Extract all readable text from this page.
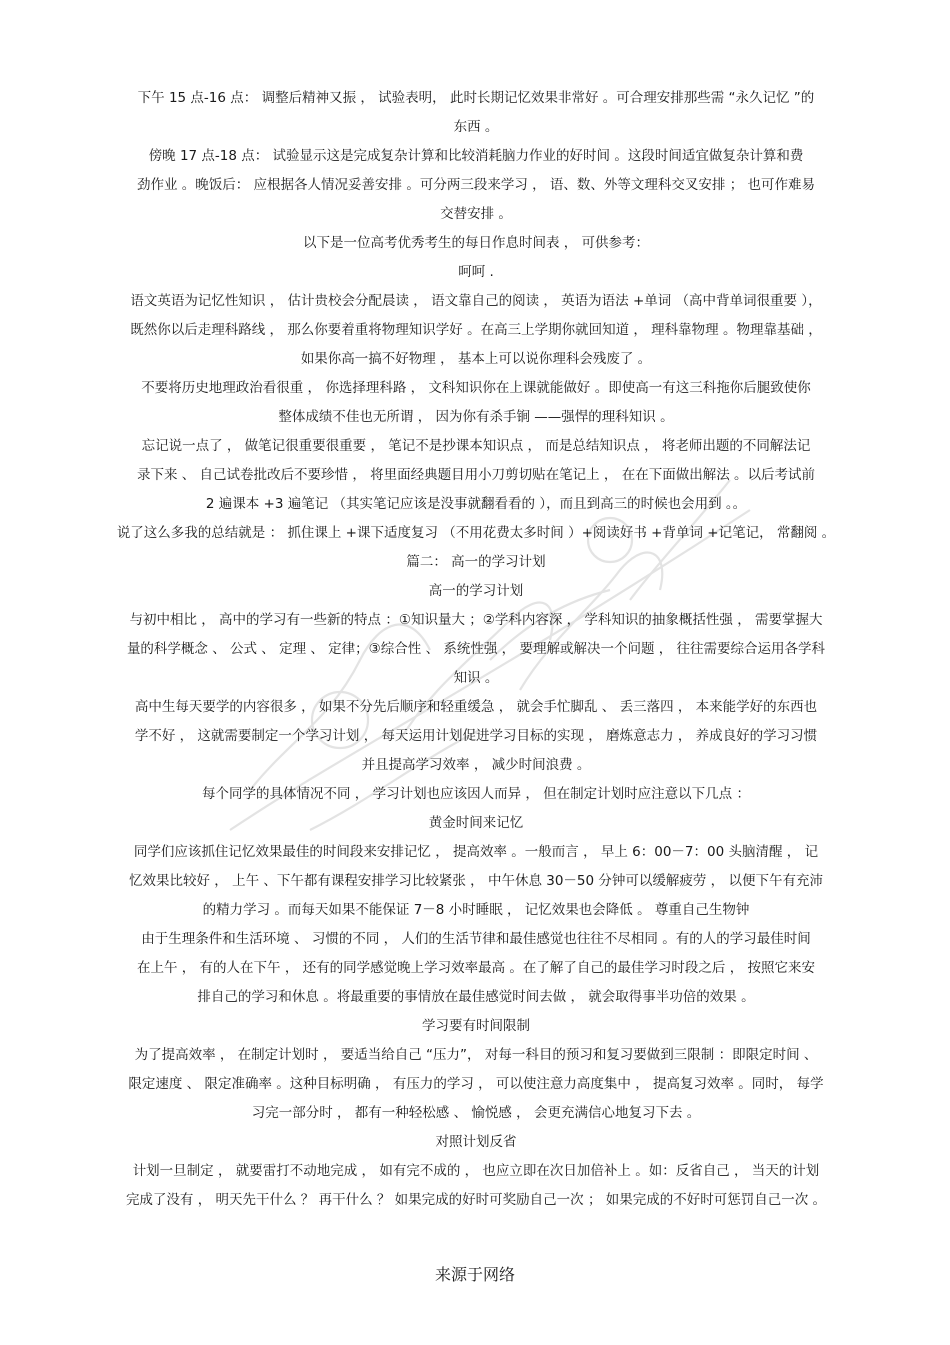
下午 15 点-16 点： 调整后精神又振 ， 试验表明， 此时长期记忆效果非常好 。可合理安排那些需 “永久记忆 ”的
东西 。
傍晚 17 点-18 点： 试验显示这是完成复杂计算和比较消耗脑力作业的好时间 。这段时间适宜做复杂计算和费
劲作业 。晚饭后： 应根据各人情况妥善安排 。可分两三段来学习 ， 语、数、外等文理科交叉安排 ； 也可作难易
交替安排 。
以下是一位高考优秀考生的每日作息时间表 ， 可供参考：
呵呵 .
语文英语为记忆性知识 ， 估计贵校会分配晨读 ， 语文靠自己的阅读 ， 英语为语法 +单词 （高中背单词很重要 ），
既然你以后走理科路线 ， 那么你要着重将物理知识学好 。在高三上学期你就回知道 ， 理科靠物理 。物理靠基础 ，
如果你高一搞不好物理 ， 基本上可以说你理科会残废了 。
不要将历史地理政治看很重 ， 你选择理科路 ， 文科知识你在上课就能做好 。即使高一有这三科拖你后腿致使你
整体成绩不佳也无所谓 ， 因为你有杀手锏 ——强悍的理科知识 。
忘记说一点了 ， 做笔记很重要很重要 ， 笔记不是抄课本知识点 ， 而是总结知识点 ， 将老师出题的不同解法记
录下来 、 自己试卷批改后不要珍惜 ， 将里面经典题目用小刀剪切贴在笔记上 ， 在在下面做出解法 。以后考试前
2 遍课本 +3 遍笔记 （其实笔记应该是没事就翻看看的 ），而且到高三的时候也会用到 。。
说了这么多我的总结就是 ： 抓住课上 +课下适度复习 （不用花费太多时间 ）+阅读好书 +背单词 +记笔记， 常翻阅 。
篇二： 高一的学习计划
高一的学习计划
与初中相比 ， 高中的学习有一些新的特点 ：①知识量大 ；②学科内容深 ， 学科知识的抽象概括性强 ， 需要掌握大
量的科学概念 、 公式 、 定理 、 定律；③综合性 、 系统性强 ， 要理解或解决一个问题 ， 往往需要综合运用各学科
知识 。
高中生每天要学的内容很多 ， 如果不分先后顺序和轻重缓急 ， 就会手忙脚乱 、 丢三落四 ， 本来能学好的东西也
学不好 ， 这就需要制定一个学习计划 ， 每天运用计划促进学习目标的实现 ， 磨炼意志力 ， 养成良好的学习习惯
并且提高学习效率 ， 减少时间浪费 。
每个同学的具体情况不同 ， 学习计划也应该因人而异 ， 但在制定计划时应注意以下几点 ：
黄金时间来记忆
同学们应该抓住记忆效果最佳的时间段来安排记忆 ， 提高效率 。一般而言 ， 早上 6：00－7：00 头脑清醒 ， 记
忆效果比较好 ， 上午 、下午都有课程安排学习比较紧张 ， 中午休息 30－50 分钟可以缓解疲劳 ， 以便下午有充沛
的精力学习 。而每天如果不能保证 7－8 小时睡眠 ， 记忆效果也会降低 。 尊重自己生物钟
由于生理条件和生活环境 、 习惯的不同 ， 人们的生活节律和最佳感觉也往往不尽相同 。有的人的学习最佳时间
在上午 ， 有的人在下午 ， 还有的同学感觉晚上学习效率最高 。在了解了自己的最佳学习时段之后 ， 按照它来安
排自己的学习和休息 。将最重要的事情放在最佳感觉时间去做 ， 就会取得事半功倍的效果 。
学习要有时间限制
为了提高效率 ， 在制定计划时 ， 要适当给自己 “压力”， 对每一科目的预习和复习要做到三限制 ：即限定时间 、
限定速度 、 限定准确率 。这种目标明确 ， 有压力的学习 ， 可以使注意力高度集中 ， 提高复习效率 。同时， 每学
习完一部分时 ， 都有一种轻松感 、 愉悦感 ， 会更充满信心地复习下去 。
对照计划反省
计划一旦制定 ， 就要雷打不动地完成 ， 如有完不成的 ， 也应立即在次日加倍补上 。如：反省自己 ， 当天的计划
完成了没有 ， 明天先干什么 ？ 再干什么 ？ 如果完成的好时可奖励自己一次 ； 如果完成的不好时可惩罚自己一次 。
来源于网络
